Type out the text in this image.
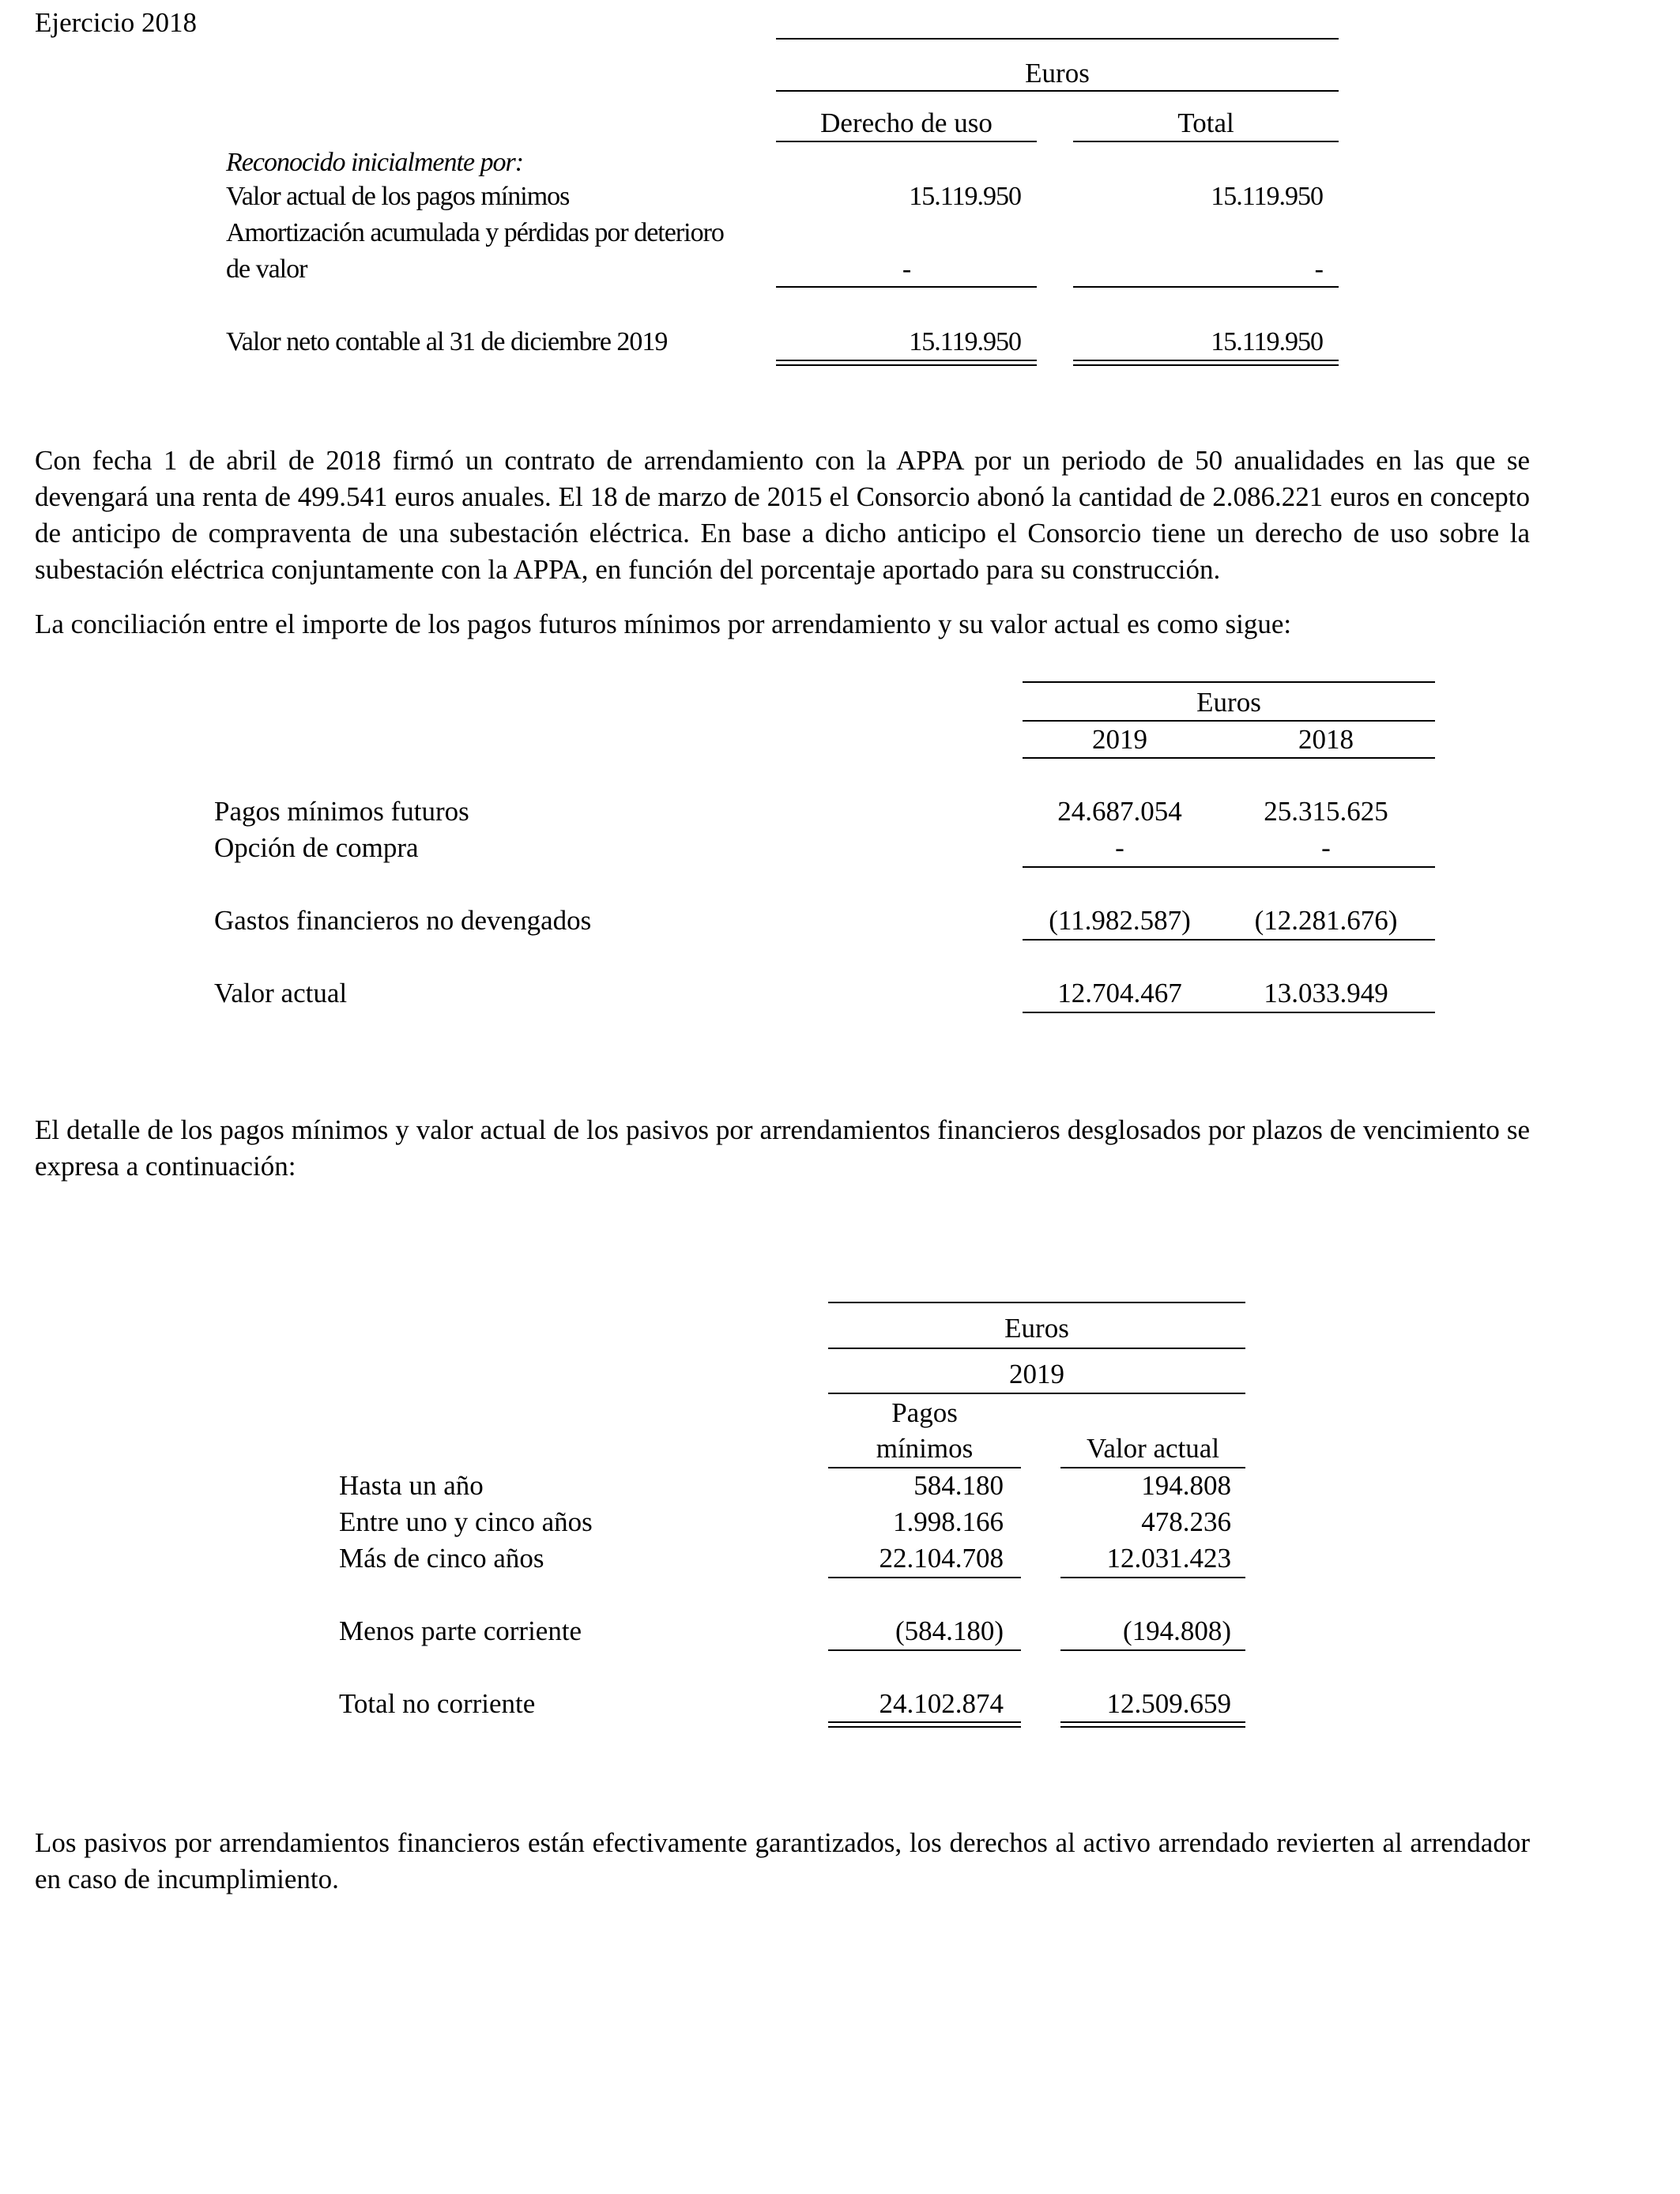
Ejercicio 2018
Euros
Derecho de uso	Total
Reconocido inicialmente por:
Valor actual de los pagos mínimos	15.119.950	15.119.950
Amortización acumulada y pérdidas por deterioro
de valor	-	-
Valor neto contable al 31 de diciembre 2019	15.119.950	15.119.950
Con fecha 1 de abril de 2018 firmó un contrato de arrendamiento con la APPA por un periodo de 50 anualidades en las que se devengará una renta de 499.541 euros anuales. El 18 de marzo de 2015 el Consorcio abonó la cantidad de 2.086.221 euros en concepto de anticipo de compraventa de una subestación eléctrica. En base a dicho anticipo el Consorcio tiene un derecho de uso sobre la subestación eléctrica conjuntamente con la APPA, en función del porcentaje aportado para su construcción.
La conciliación entre el importe de los pagos futuros mínimos por arrendamiento y su valor actual es como sigue:
Euros
2019	2018
Pagos mínimos futuros	24.687.054	25.315.625
Opción de compra	-	-
Gastos financieros no devengados	(11.982.587)	(12.281.676)
Valor actual	12.704.467	13.033.949
El detalle de los pagos mínimos y valor actual de los pasivos por arrendamientos financieros desglosados por plazos de vencimiento se expresa a continuación:
Euros
2019
Pagos
mínimos	Valor actual
Hasta un año	584.180	194.808
Entre uno y cinco años	1.998.166	478.236
Más de cinco años	22.104.708	12.031.423
Menos parte corriente	(584.180)	(194.808)
Total no corriente	24.102.874	12.509.659
Los pasivos por arrendamientos financieros están efectivamente garantizados, los derechos al activo arrendado revierten al arrendador en caso de incumplimiento.
